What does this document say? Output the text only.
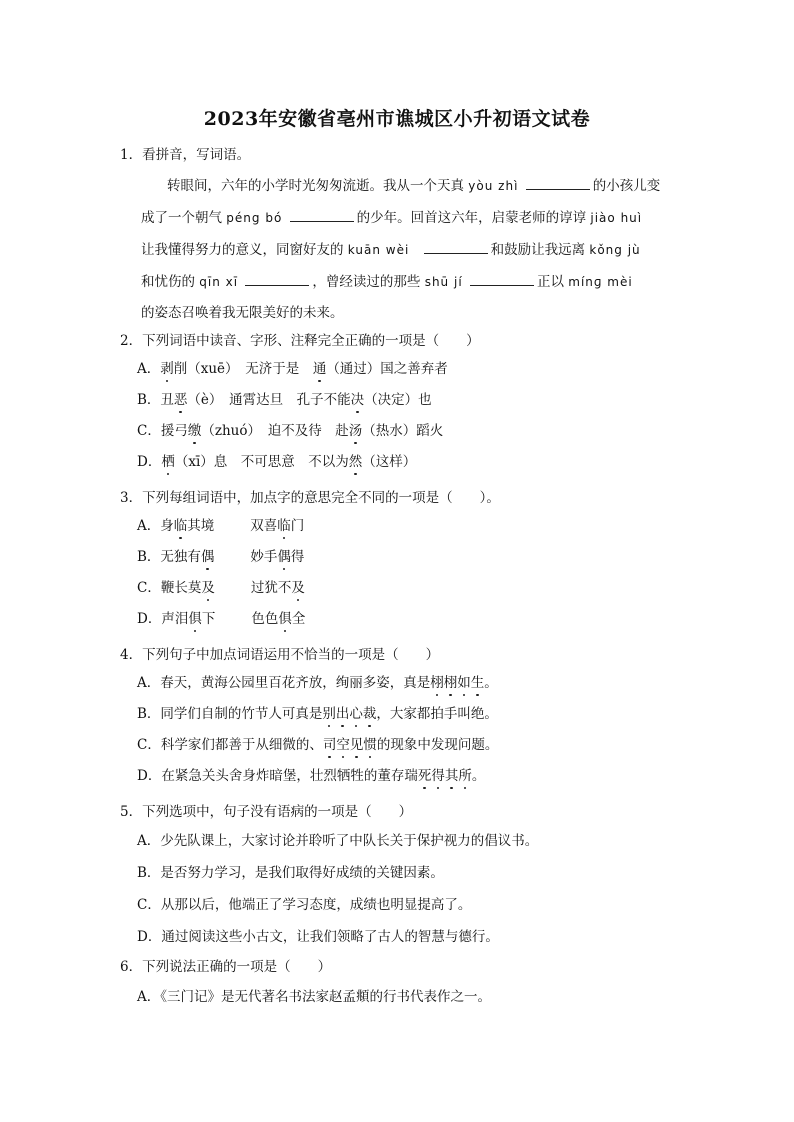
2023年安徽省亳州市谯城区小升初语文试卷
1．看拼音，写词语。
转眼间，六年的小学时光匆匆流逝。我从一个天真 yòu zhì	的小孩儿变
成了一个朝气 péng bó	的少年。回首这六年，启蒙老师的谆谆 jiào huì
让我懂得努力的意义，同窗好友的 kuān wèi	和鼓励让我远离 kǒng jù
和忧伤的 qīn xī	，曾经读过的那些 shū jí	正以 mínɡ mèi
的姿态召唤着我无限美好的未来。
2．下列词语中读音、字形、注释完全正确的一项是（　　）
A．剥削（xuē）　无济于是　通（通过）国之善弃者
B．丑恶（è）　通霄达旦　孔子不能决（决定）也
C．援弓缴（zhuó）　迫不及待　赴汤（热水）蹈火
D．栖（xī）息　不可思意　不以为然（这样）
3．下列每组词语中，加点字的意思完全不同的一项是（　　）。
A．身临其境	双喜临门
B．无独有偶	妙手偶得
C．鞭长莫及	过犹不及
D．声泪俱下	色色俱全
4．下列句子中加点词语运用不恰当的一项是（　　）
A．春天，黄海公园里百花齐放，绚丽多姿，真是栩栩如生。
B．同学们自制的竹节人可真是别出心裁，大家都拍手叫绝。
C．科学家们都善于从细微的、司空见惯的现象中发现问题。
D．在紧急关头舍身炸暗堡，壮烈牺牲的董存瑞死得其所。
5．下列选项中，句子没有语病的一项是（　　）
A．少先队课上，大家讨论并聆听了中队长关于保护视力的倡议书。
B．是否努力学习，是我们取得好成绩的关键因素。
C．从那以后，他端正了学习态度，成绩也明显提高了。
D．通过阅读这些小古文，让我们领略了古人的智慧与德行。
6．下列说法正确的一项是（　　）
A．《三门记》是无代著名书法家赵孟頫的行书代表作之一。
